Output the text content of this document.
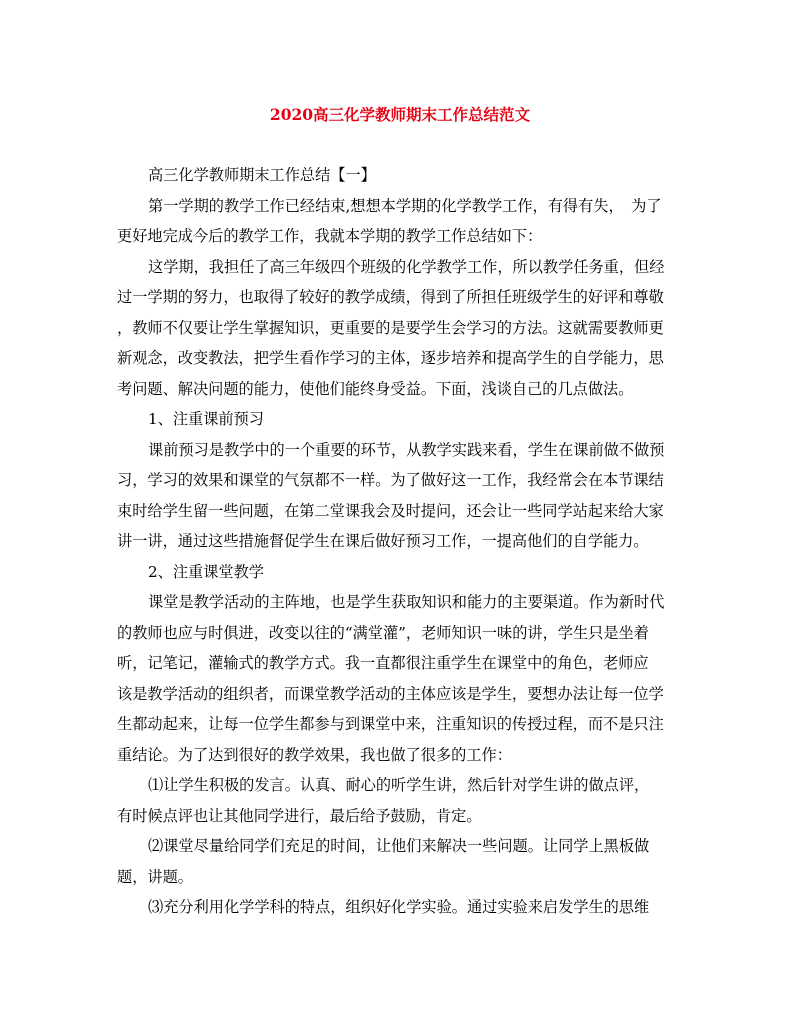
2020高三化学教师期末工作总结范文
高三化学教师期末工作总结【一】
第一学期的教学工作已经结束,想想本学期的化学教学工作，有得有失，　为了
更好地完成今后的教学工作，我就本学期的教学工作总结如下：
这学期，我担任了高三年级四个班级的化学教学工作，所以教学任务重，但经
过一学期的努力，也取得了较好的教学成绩，得到了所担任班级学生的好评和尊敬
，教师不仅要让学生掌握知识，更重要的是要学生会学习的方法。这就需要教师更
新观念，改变教法，把学生看作学习的主体，逐步培养和提高学生的自学能力，思
考问题、解决问题的能力，使他们能终身受益。下面，浅谈自己的几点做法。
1、注重课前预习
课前预习是教学中的一个重要的环节，从教学实践来看，学生在课前做不做预
习，学习的效果和课堂的气氛都不一样。为了做好这一工作，我经常会在本节课结
束时给学生留一些问题，在第二堂课我会及时提问，还会让一些同学站起来给大家
讲一讲，通过这些措施督促学生在课后做好预习工作，一提高他们的自学能力。
2、注重课堂教学
课堂是教学活动的主阵地，也是学生获取知识和能力的主要渠道。作为新时代
的教师也应与时俱进，改变以往的“满堂灌”，老师知识一味的讲，学生只是坐着
听，记笔记，灌输式的教学方式。我一直都很注重学生在课堂中的角色，老师应
该是教学活动的组织者，而课堂教学活动的主体应该是学生，要想办法让每一位学
生都动起来，让每一位学生都参与到课堂中来，注重知识的传授过程，而不是只注
重结论。为了达到很好的教学效果，我也做了很多的工作：
⑴让学生积极的发言。认真、耐心的听学生讲，然后针对学生讲的做点评，
有时候点评也让其他同学进行，最后给予鼓励，肯定。
⑵课堂尽量给同学们充足的时间，让他们来解决一些问题。让同学上黑板做
题，讲题。
⑶充分利用化学学科的特点，组织好化学实验。通过实验来启发学生的思维
